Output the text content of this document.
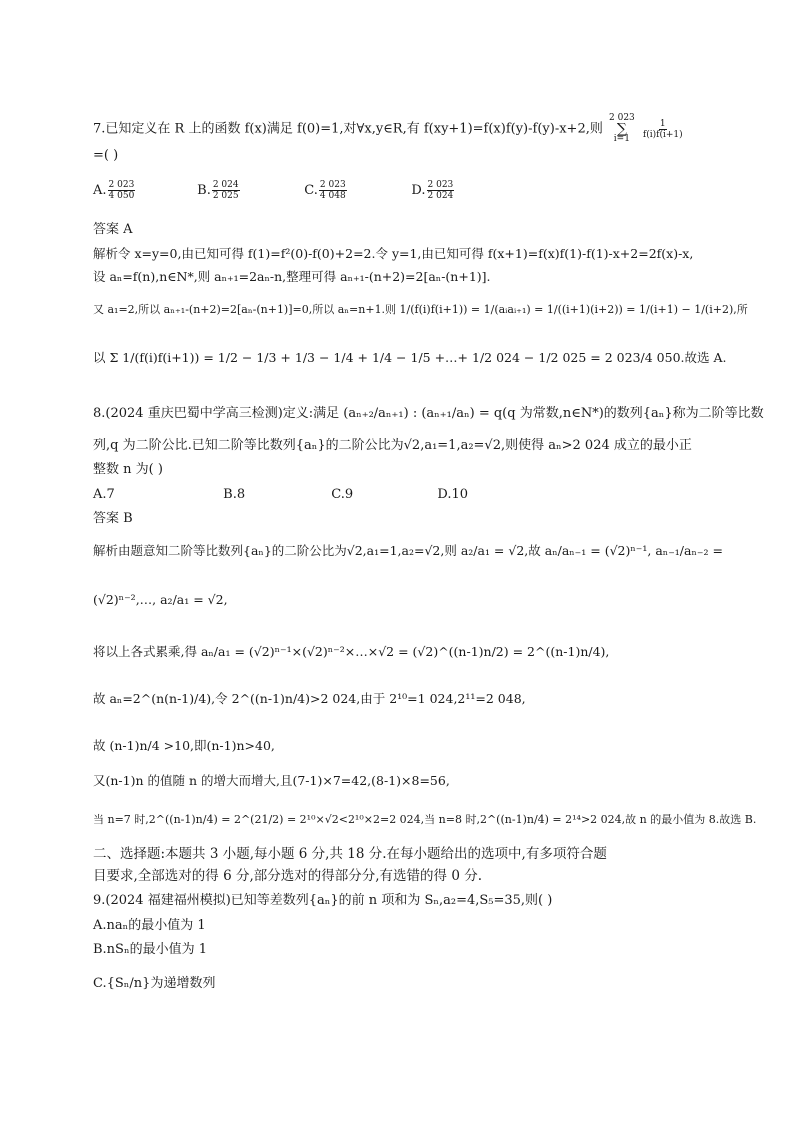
7.已知定义在 R 上的函数 f(x)满足 f(0)=1,对∀x,y∈R,有 f(xy+1)=f(x)f(y)-f(y)-x+2,则
2 023
∑
i=1
$\frac{1}{f(i)f(i+1)}$
=( )
A. $\frac{2 023}{4 050}$	B. $\frac{2 024}{2 025}$	C. $\frac{2 023}{4 048}$	D. $\frac{2 023}{2 024}$
答案 A
解析令 x=y=0,由已知可得 f(1)=f²(0)-f(0)+2=2.令 y=1,由已知可得 f(x+1)=f(x)f(1)-f(1)-x+2=2f(x)-x,
设 aₙ=f(n),n∈N*,则 aₙ₊₁=2aₙ-n,整理可得 aₙ₊₁-(n+2)=2[aₙ-(n+1)].
又 a₁=2,所以 aₙ₊₁-(n+2)=2[aₙ-(n+1)]=0,所以 aₙ=n+1.则 1/(f(i)f(i+1)) = 1/(aᵢaᵢ₊₁) = 1/((i+1)(i+2)) = 1/(i+1) − 1/(i+2),所
以 Σ 1/(f(i)f(i+1)) = 1/2 − 1/3 + 1/3 − 1/4 + 1/4 − 1/5 +…+ 1/2 024 − 1/2 025 = 2 023/4 050.故选 A.
8.(2024 重庆巴蜀中学高三检测)定义:满足 (aₙ₊₂/aₙ₊₁) : (aₙ₊₁/aₙ) = q(q 为常数,n∈N*)的数列{aₙ}称为二阶等比数
列,q 为二阶公比.已知二阶等比数列{aₙ}的二阶公比为√2,a₁=1,a₂=√2,则使得 aₙ>2 024 成立的最小正
整数 n 为( )
A.7	B.8	C.9	D.10
答案 B
解析由题意知二阶等比数列{aₙ}的二阶公比为√2,a₁=1,a₂=√2,则 a₂/a₁ = √2,故 aₙ/aₙ₋₁ = (√2)ⁿ⁻¹, aₙ₋₁/aₙ₋₂ =
(√2)ⁿ⁻²,…, a₂/a₁ = √2,
将以上各式累乘,得 aₙ/a₁ = (√2)ⁿ⁻¹×(√2)ⁿ⁻²×…×√2 = (√2)^((n-1)n/2) = 2^((n-1)n/4),
故 aₙ=2^(n(n-1)/4),令 2^((n-1)n/4)>2 024,由于 2¹⁰=1 024,2¹¹=2 048,
故 (n-1)n/4 >10,即(n-1)n>40,
又(n-1)n 的值随 n 的增大而增大,且(7-1)×7=42,(8-1)×8=56,
当 n=7 时,2^((n-1)n/4) = 2^(21/2) = 2¹⁰×√2<2¹⁰×2=2 024,当 n=8 时,2^((n-1)n/4) = 2¹⁴>2 024,故 n 的最小值为 8.故选 B.
二、选择题:本题共 3 小题,每小题 6 分,共 18 分.在每小题给出的选项中,有多项符合题
目要求,全部选对的得 6 分,部分选对的得部分分,有选错的得 0 分.
9.(2024 福建福州模拟)已知等差数列{aₙ}的前 n 项和为 Sₙ,a₂=4,S₅=35,则( )
A.naₙ的最小值为 1
B.nSₙ的最小值为 1
C.{Sₙ/n}为递增数列
